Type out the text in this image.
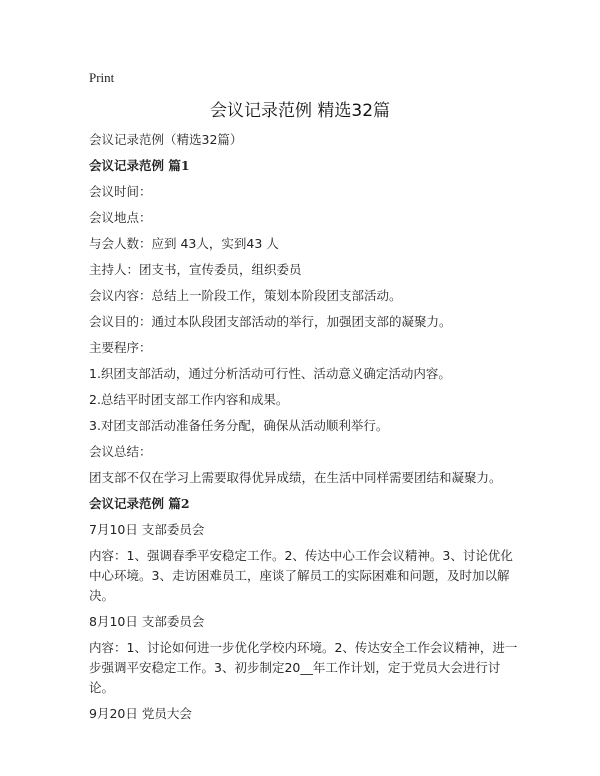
Print
会议记录范例 精选32篇

会议记录范例（精选32篇）

会议记录范例 篇1

会议时间：

会议地点：

与会人数：应到 43人，实到43 人

主持人：团支书，宣传委员，组织委员

会议内容：总结上一阶段工作，策划本阶段团支部活动。

会议目的：通过本队段团支部活动的举行，加强团支部的凝聚力。

主要程序：

1.织团支部活动，通过分析活动可行性、活动意义确定活动内容。

2.总结平时团支部工作内容和成果。

3.对团支部活动准备任务分配，确保从活动顺利举行。

会议总结：

团支部不仅在学习上需要取得优异成绩，在生活中同样需要团结和凝聚力。

会议记录范例 篇2

7月10日 支部委员会

内容：1、强调春季平安稳定工作。2、传达中心工作会议精神。3、讨论优化中心环境。3、走访困难员工，座谈了解员工的实际困难和问题，及时加以解决。

8月10日 支部委员会

内容：1、讨论如何进一步优化学校内环境。2、传达安全工作会议精神，进一步强调平安稳定工作。3、初步制定20__年工作计划，定于党员大会进行讨论。

9月20日 党员大会
